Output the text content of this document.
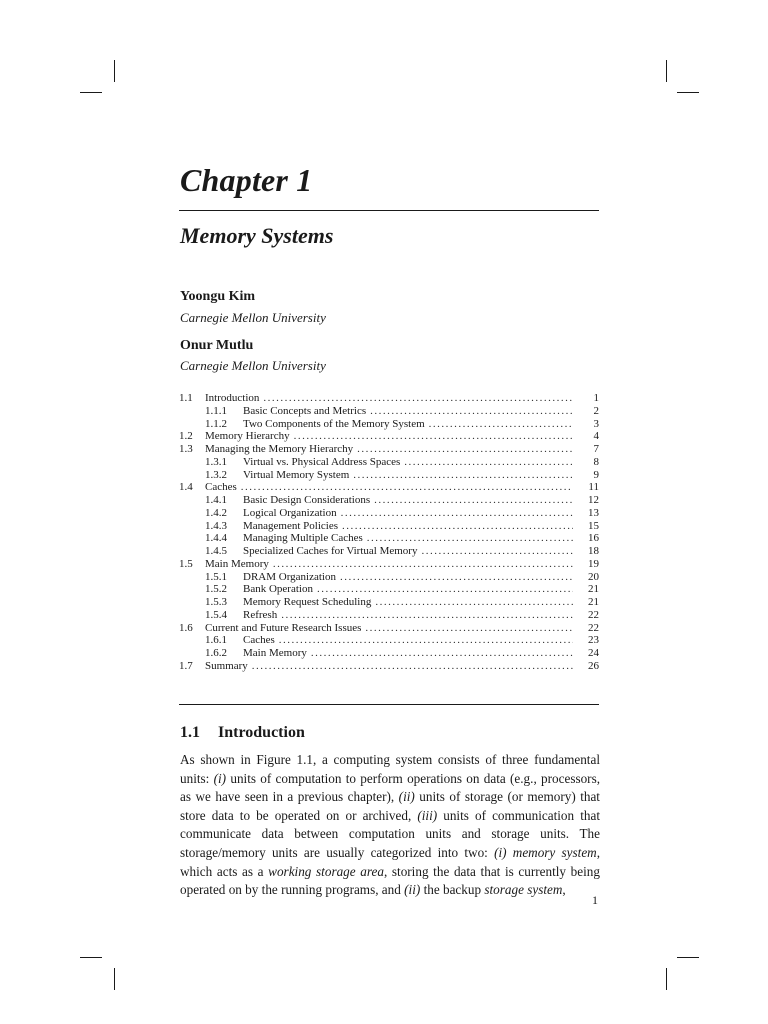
Chapter 1
Memory Systems
Yoongu Kim
Carnegie Mellon University
Onur Mutlu
Carnegie Mellon University
1.1	Introduction .....	1
1.1.1	Basic Concepts and Metrics .....	2
1.1.2	Two Components of the Memory System .....	3
1.2	Memory Hierarchy .....	4
1.3	Managing the Memory Hierarchy .....	7
1.3.1	Virtual vs. Physical Address Spaces .....	8
1.3.2	Virtual Memory System .....	9
1.4	Caches .....	11
1.4.1	Basic Design Considerations .....	12
1.4.2	Logical Organization .....	13
1.4.3	Management Policies .....	15
1.4.4	Managing Multiple Caches .....	16
1.4.5	Specialized Caches for Virtual Memory .....	18
1.5	Main Memory .....	19
1.5.1	DRAM Organization .....	20
1.5.2	Bank Operation .....	21
1.5.3	Memory Request Scheduling .....	21
1.5.4	Refresh .....	22
1.6	Current and Future Research Issues .....	22
1.6.1	Caches .....	23
1.6.2	Main Memory .....	24
1.7	Summary .....	26
1.1 Introduction

As shown in Figure 1.1, a computing system consists of three fundamental units: (i) units of computation to perform operations on data (e.g., processors, as we have seen in a previous chapter), (ii) units of storage (or memory) that store data to be operated on or archived, (iii) units of communication that communicate data between computation units and storage units. The storage/memory units are usually categorized into two: (i) memory system, which acts as a working storage area, storing the data that is currently being operated on by the running programs, and (ii) the backup storage system,

1
